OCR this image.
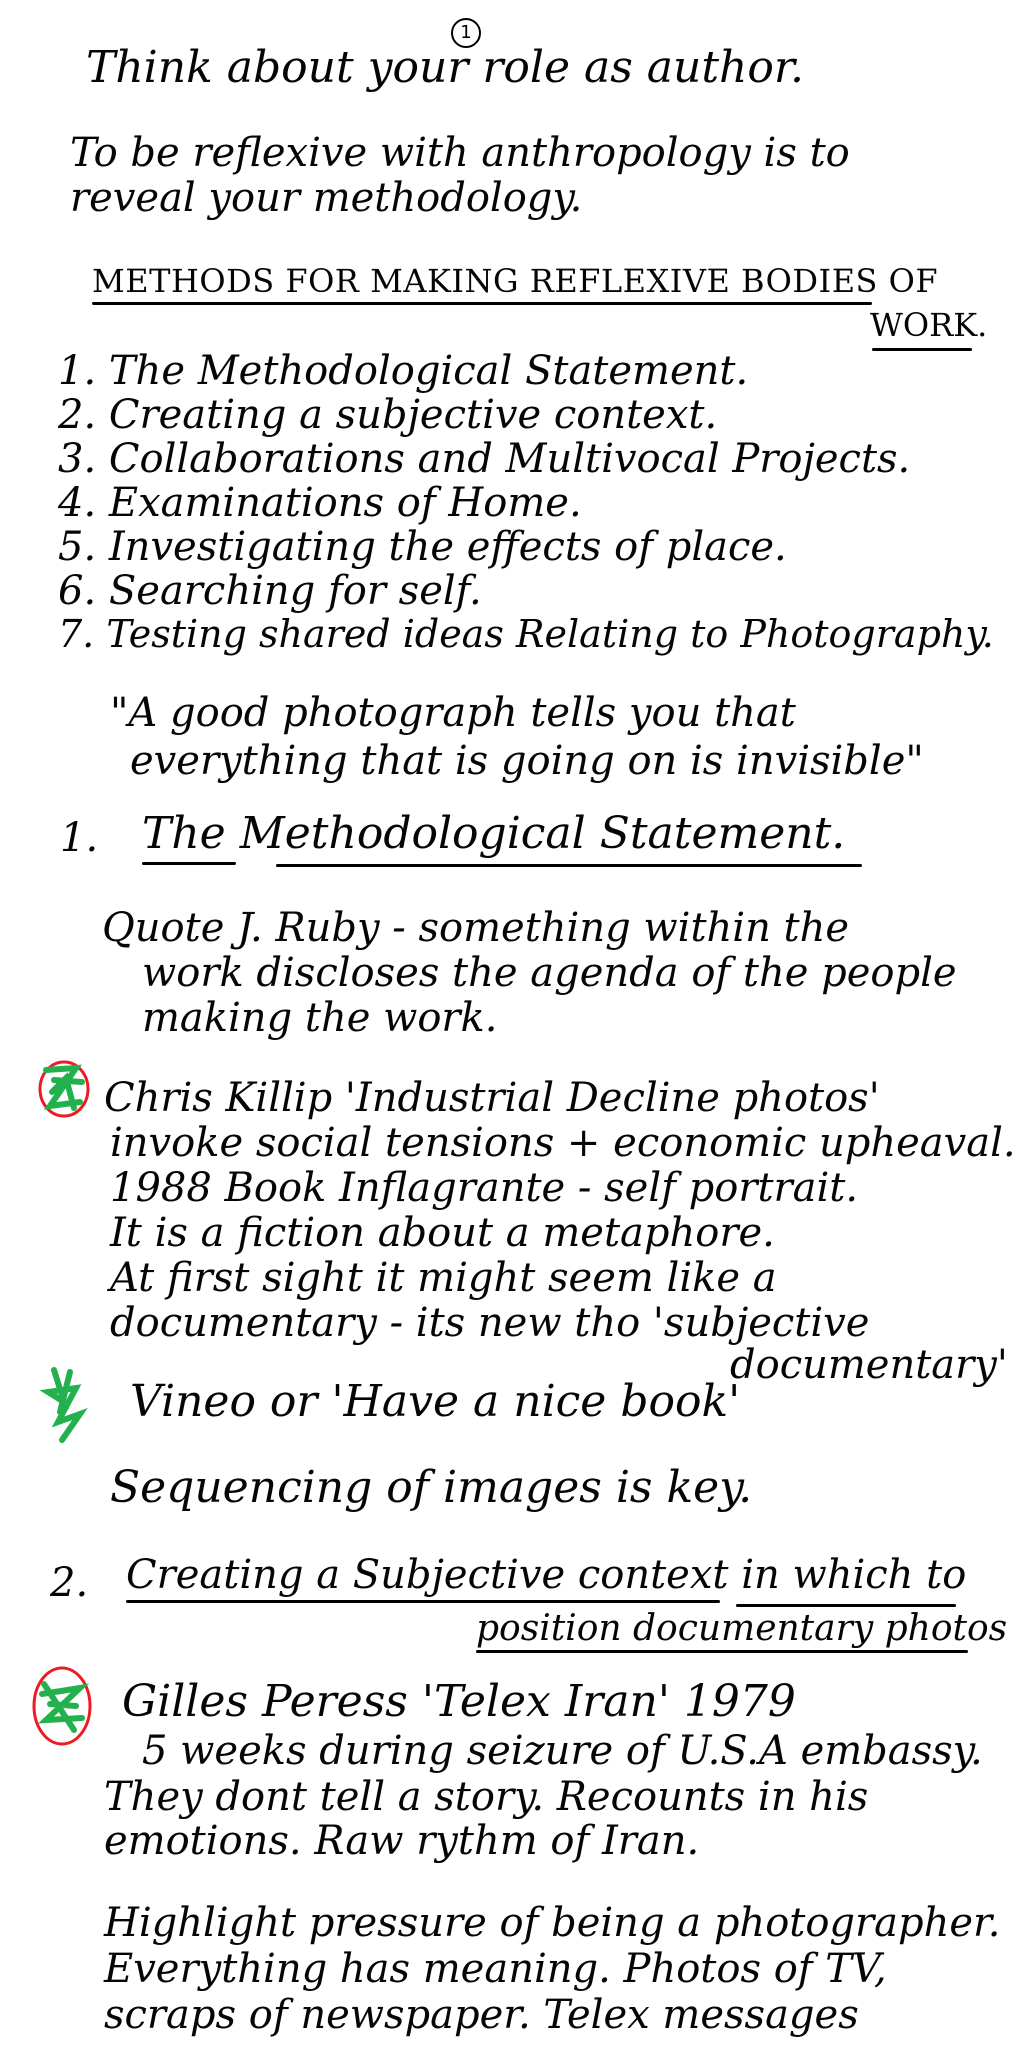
1
Think about your role as author.
To be reflexive with anthropology is to
reveal your methodology.
METHODS FOR MAKING REFLEXIVE BODIES OF
WORK.
1. The Methodological Statement.
2. Creating a subjective context.
3. Collaborations and Multivocal Projects.
4. Examinations of Home.
5. Investigating the effects of place.
6. Searching for self.
7. Testing shared ideas Relating to Photography.
"A good photograph tells you that
everything that is going on is invisible"
1. The Methodological Statement.
Quote J. Ruby - something within the
work discloses the agenda of the people
making the work.
Chris Killip 'Industrial Decline photos'
invoke social tensions + economic upheaval.
1988 Book Inflagrante - self portrait.
It is a fiction about a metaphore.
At first sight it might seem like a
documentary - its new tho 'subjective
documentary'
Vineo or 'Have a nice book'
Sequencing of images is key.
2. Creating a Subjective context in which to
position documentary photos
Gilles Peress 'Telex Iran' 1979
5 weeks during seizure of U.S.A embassy.
They dont tell a story. Recounts in his
emotions. Raw rythm of Iran.
Highlight pressure of being a photographer.
Everything has meaning. Photos of TV,
scraps of newspaper. Telex messages
